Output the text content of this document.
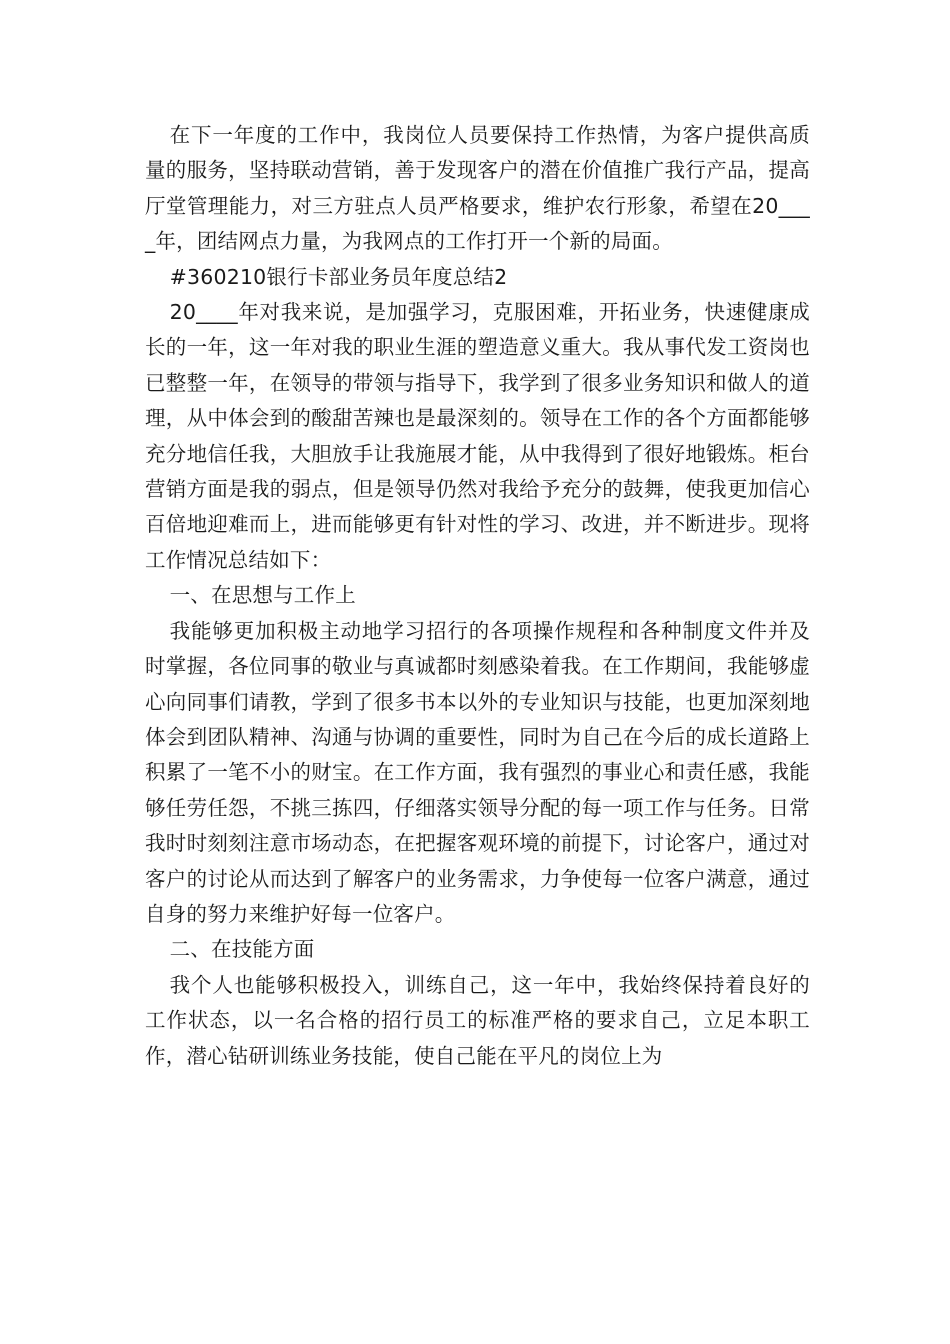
在下一年度的工作中，我岗位人员要保持工作热情，为客户提供高质量的服务，坚持联动营销，善于发现客户的潜在价值推广我行产品，提高厅堂管理能力，对三方驻点人员严格要求，维护农行形象，希望在20____年，团结网点力量，为我网点的工作打开一个新的局面。

#360210银行卡部业务员年度总结2

20____年对我来说，是加强学习，克服困难，开拓业务，快速健康成长的一年，这一年对我的职业生涯的塑造意义重大。我从事代发工资岗也已整整一年，在领导的带领与指导下，我学到了很多业务知识和做人的道理，从中体会到的酸甜苦辣也是最深刻的。领导在工作的各个方面都能够充分地信任我，大胆放手让我施展才能，从中我得到了很好地锻炼。柜台营销方面是我的弱点，但是领导仍然对我给予充分的鼓舞，使我更加信心百倍地迎难而上，进而能够更有针对性的学习、改进，并不断进步。现将工作情况总结如下：

一、在思想与工作上

我能够更加积极主动地学习招行的各项操作规程和各种制度文件并及时掌握，各位同事的敬业与真诚都时刻感染着我。在工作期间，我能够虚心向同事们请教，学到了很多书本以外的专业知识与技能，也更加深刻地体会到团队精神、沟通与协调的重要性，同时为自己在今后的成长道路上积累了一笔不小的财宝。在工作方面，我有强烈的事业心和责任感，我能够任劳任怨，不挑三拣四，仔细落实领导分配的每一项工作与任务。日常我时时刻刻注意市场动态，在把握客观环境的前提下，讨论客户，通过对客户的讨论从而达到了解客户的业务需求，力争使每一位客户满意，通过自身的努力来维护好每一位客户。

二、在技能方面

我个人也能够积极投入，训练自己，这一年中，我始终保持着良好的工作状态，以一名合格的招行员工的标准严格的要求自己，立足本职工作，潜心钻研训练业务技能，使自己能在平凡的岗位上为
